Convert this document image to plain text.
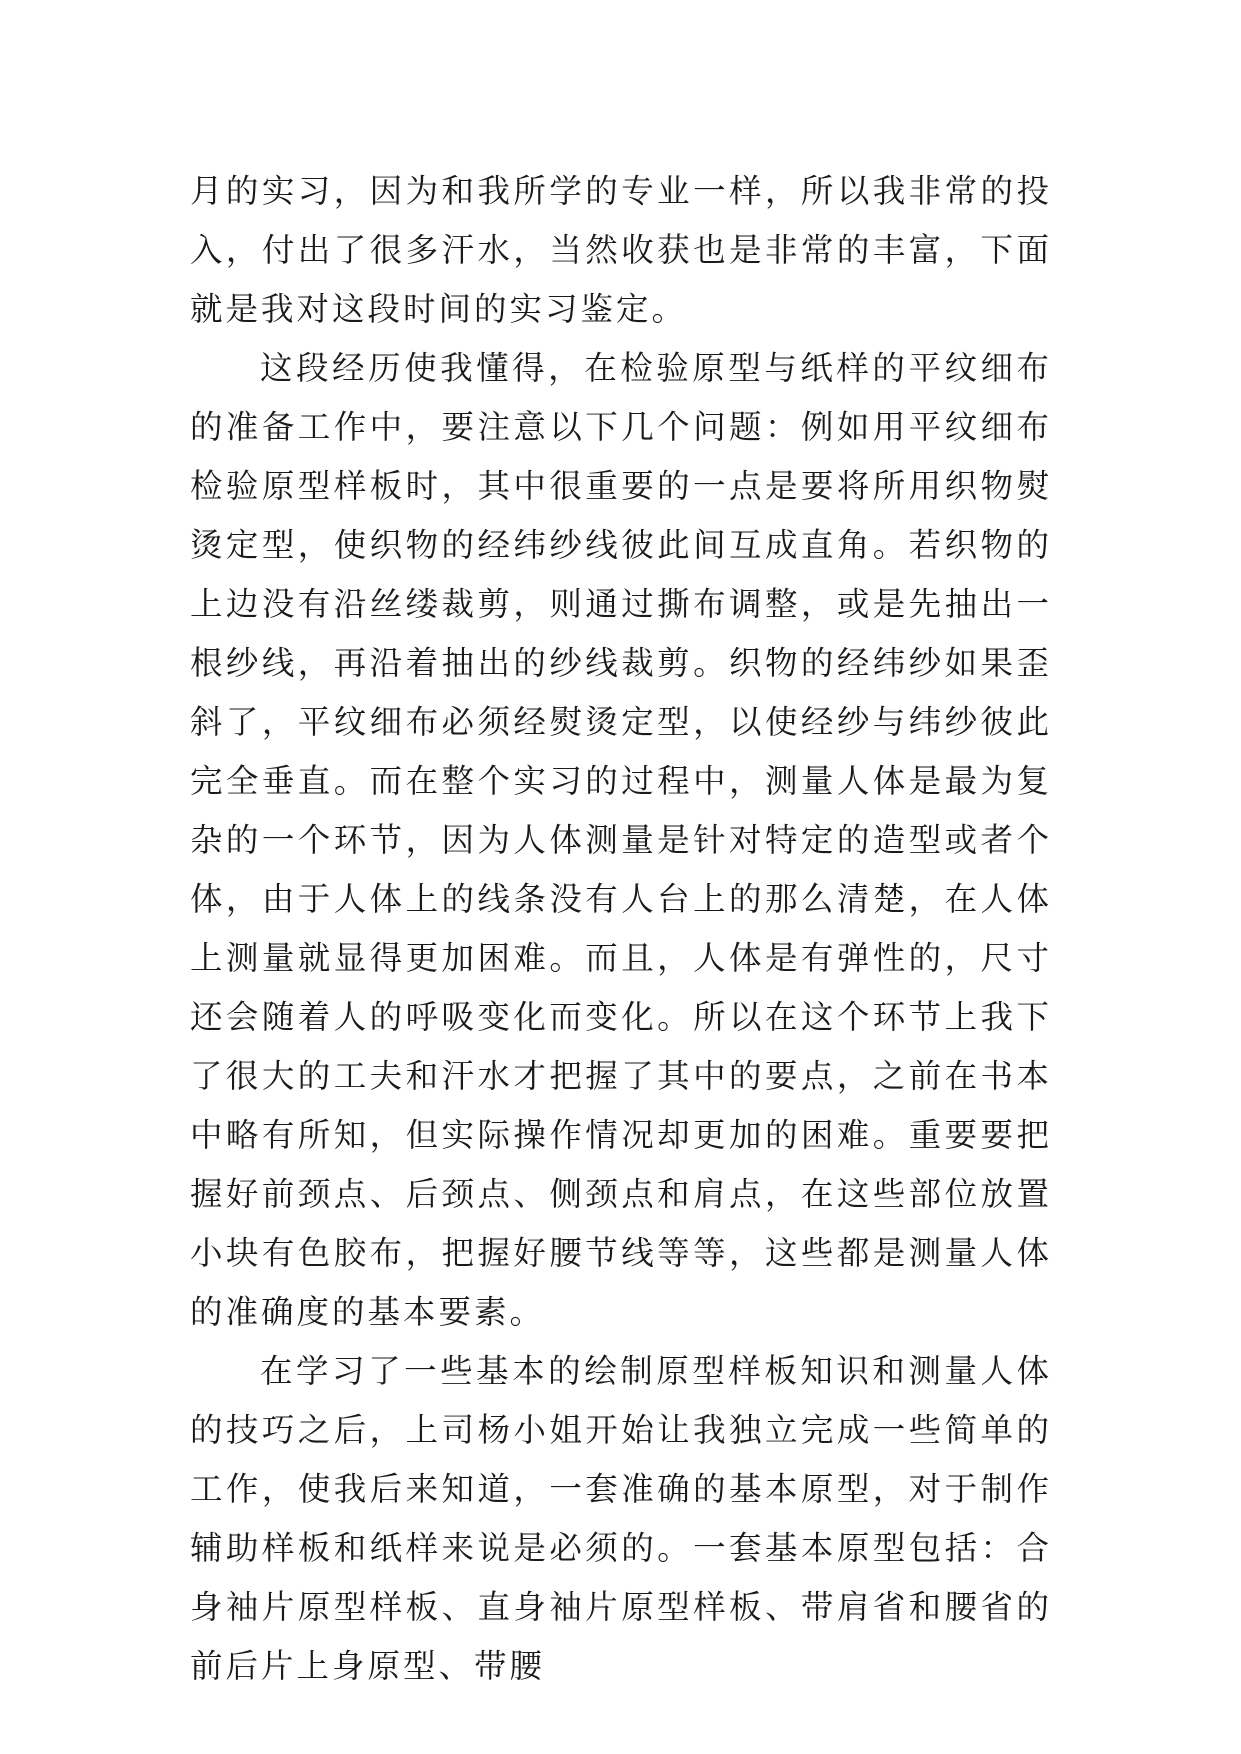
月的实习，因为和我所学的专业一样，所以我非常的投入，付出了很多汗水，当然收获也是非常的丰富，下面就是我对这段时间的实习鉴定。

这段经历使我懂得，在检验原型与纸样的平纹细布的准备工作中，要注意以下几个问题：例如用平纹细布检验原型样板时，其中很重要的一点是要将所用织物熨烫定型，使织物的经纬纱线彼此间互成直角。若织物的上边没有沿丝缕裁剪，则通过撕布调整，或是先抽出一根纱线，再沿着抽出的纱线裁剪。织物的经纬纱如果歪斜了，平纹细布必须经熨烫定型，以使经纱与纬纱彼此完全垂直。而在整个实习的过程中，测量人体是最为复杂的一个环节，因为人体测量是针对特定的造型或者个体，由于人体上的线条没有人台上的那么清楚，在人体上测量就显得更加困难。而且，人体是有弹性的，尺寸还会随着人的呼吸变化而变化。所以在这个环节上我下了很大的工夫和汗水才把握了其中的要点，之前在书本中略有所知，但实际操作情况却更加的困难。重要要把握好前颈点、后颈点、侧颈点和肩点，在这些部位放置小块有色胶布，把握好腰节线等等，这些都是测量人体的准确度的基本要素。

在学习了一些基本的绘制原型样板知识和测量人体的技巧之后，上司杨小姐开始让我独立完成一些简单的工作，使我后来知道，一套准确的基本原型，对于制作辅助样板和纸样来说是必须的。一套基本原型包括：合身袖片原型样板、直身袖片原型样板、带肩省和腰省的前后片上身原型、带腰
